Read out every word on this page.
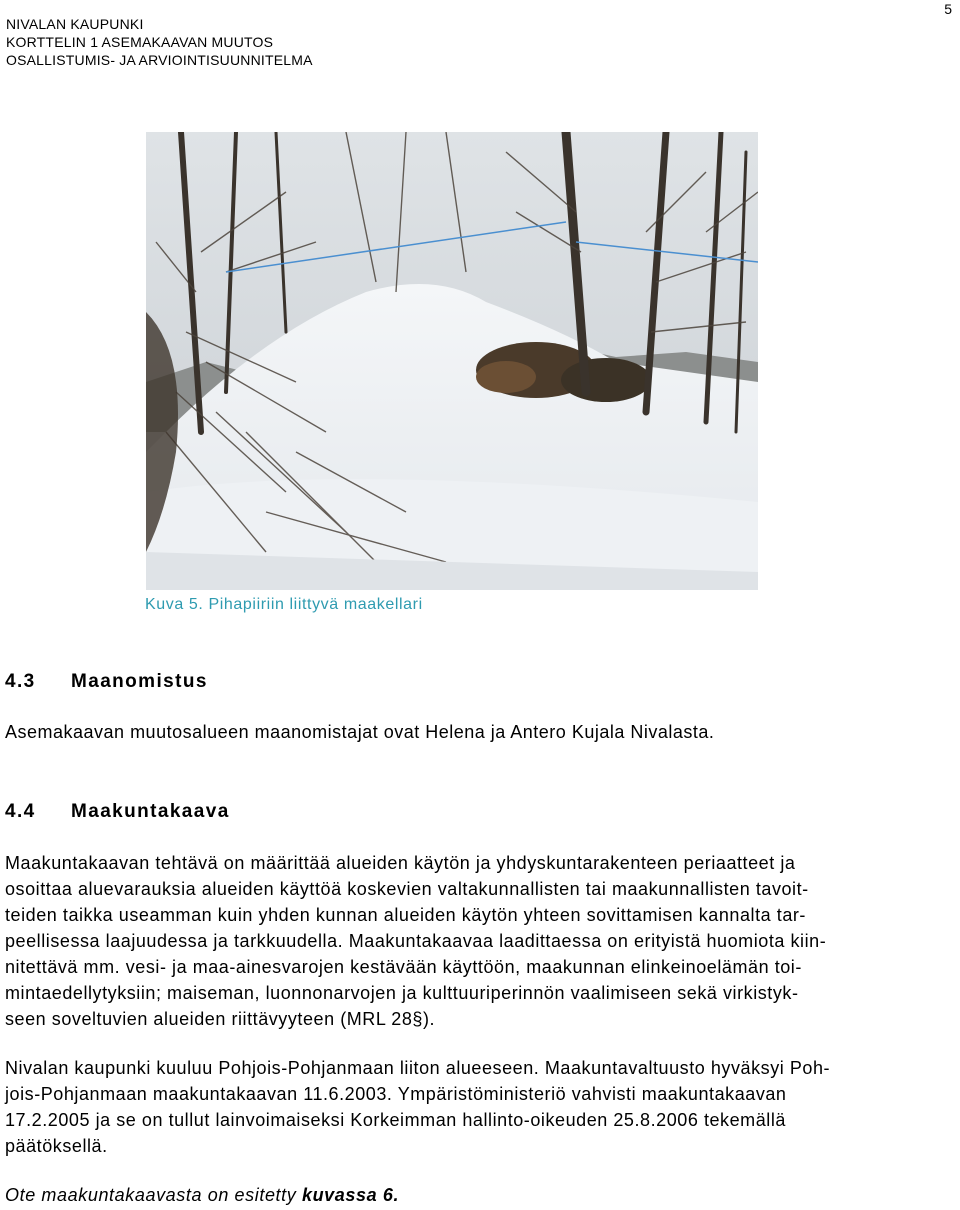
NIVALAN KAUPUNKI
KORTTELIN 1 ASEMAKAAVAN MUUTOS
OSALLISTUMIS- JA ARVIOINTISUUNNITELMA
5
Kuva 5. Pihapiiriin liittyvä maakellari
4.3 Maanomistus
Asemakaavan muutosalueen maanomistajat ovat Helena ja Antero Kujala Nivalasta.
4.4 Maakuntakaava
Maakuntakaavan tehtävä on määrittää alueiden käytön ja yhdyskuntarakenteen periaatteet ja
osoittaa aluevarauksia alueiden käyttöä koskevien valtakunnallisten tai maakunnallisten tavoit-
teiden taikka useamman kuin yhden kunnan alueiden käytön yhteen sovittamisen kannalta tar-
peellisessa laajuudessa ja tarkkuudella. Maakuntakaavaa laadittaessa on erityistä huomiota kiin-
nitettävä mm. vesi- ja maa-ainesvarojen kestävään käyttöön, maakunnan elinkeinoelämän toi-
mintaedellytyksiin; maiseman, luonnonarvojen ja kulttuuriperinnön vaalimiseen sekä virkistyk-
seen soveltuvien alueiden riittävyyteen (MRL 28§).
Nivalan kaupunki kuuluu Pohjois-Pohjanmaan liiton alueeseen. Maakuntavaltuusto hyväksyi Poh-
jois-Pohjanmaan maakuntakaavan 11.6.2003. Ympäristöministeriö vahvisti maakuntakaavan
17.2.2005 ja se on tullut lainvoimaiseksi Korkeimman hallinto-oikeuden 25.8.2006 tekemällä
päätöksellä.
Ote maakuntakaavasta on esitetty kuvassa 6.
